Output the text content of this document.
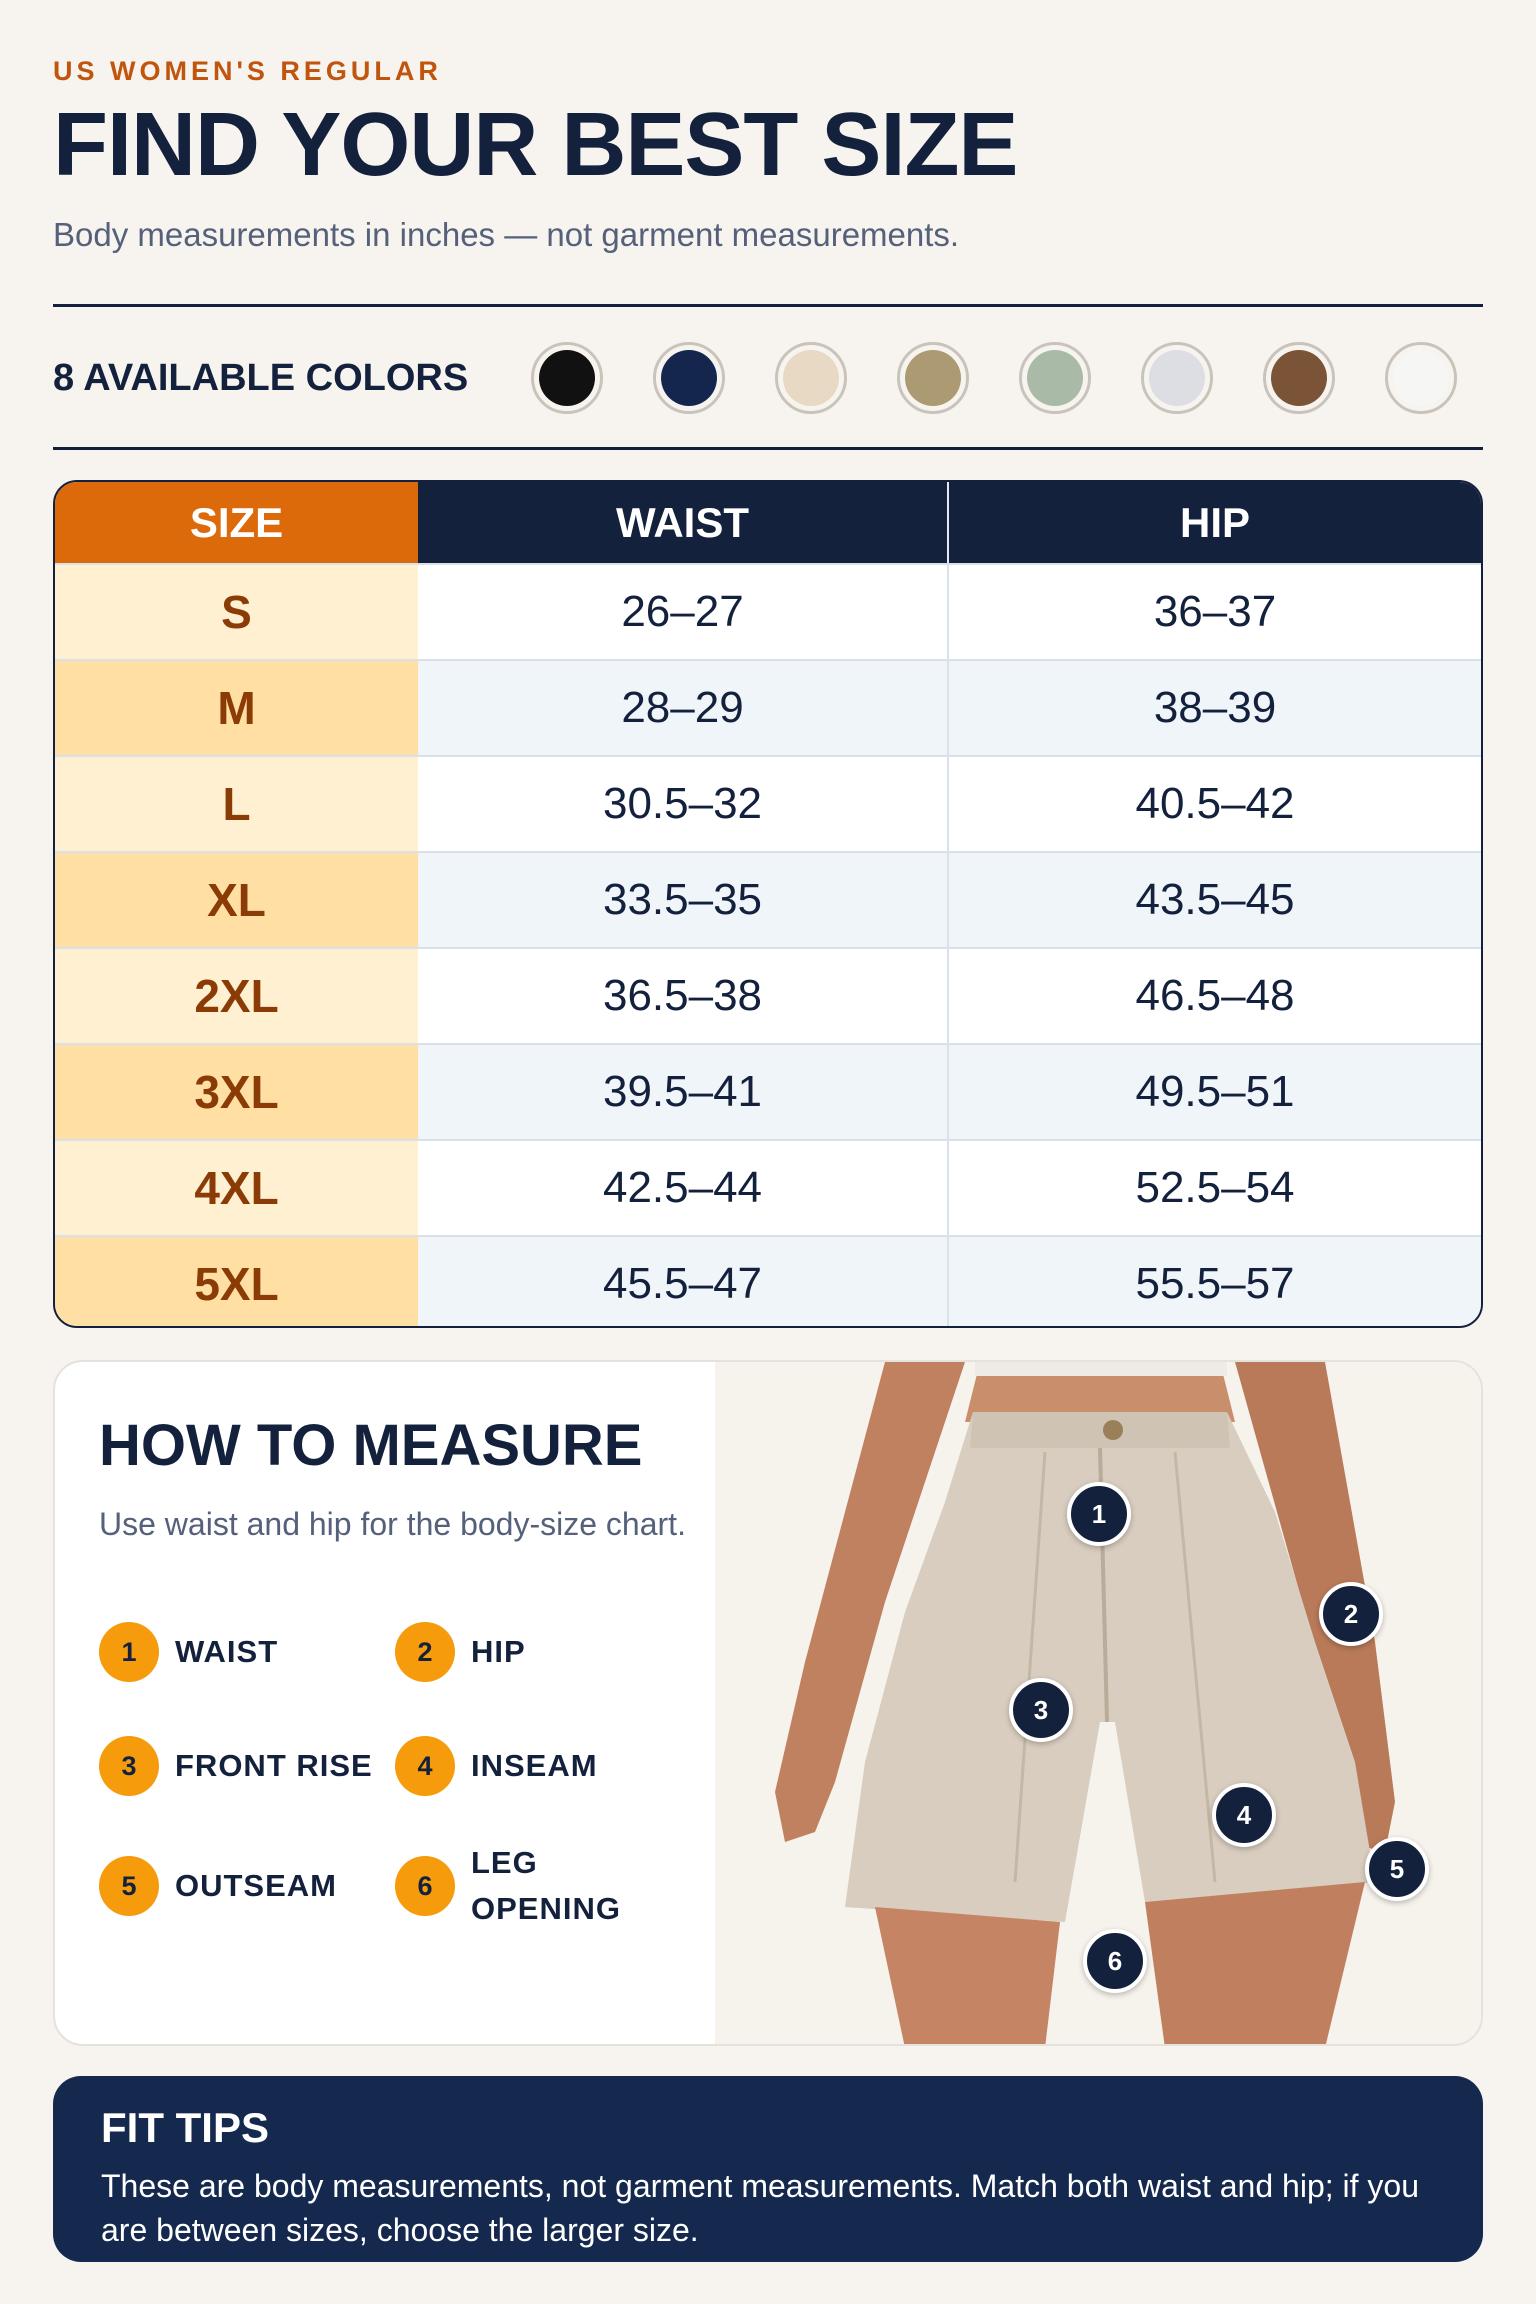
US WOMEN'S REGULAR
FIND YOUR BEST SIZE
Body measurements in inches — not garment measurements.
8 AVAILABLE COLORS
SIZE	WAIST	HIP
S	26–27	36–37
M	28–29	38–39
L	30.5–32	40.5–42
XL	33.5–35	43.5–45
2XL	36.5–38	46.5–48
3XL	39.5–41	49.5–51
4XL	42.5–44	52.5–54
5XL	45.5–47	55.5–57
HOW TO MEASURE
Use waist and hip for the body-size chart.
1	WAIST	2	HIP
3	FRONT RISE	4	INSEAM
5	OUTSEAM	6
LEG OPENING
1
2
3
4
5
6
FIT TIPS
These are body measurements, not garment measurements. Match both waist and hip; if you are between sizes, choose the larger size.
